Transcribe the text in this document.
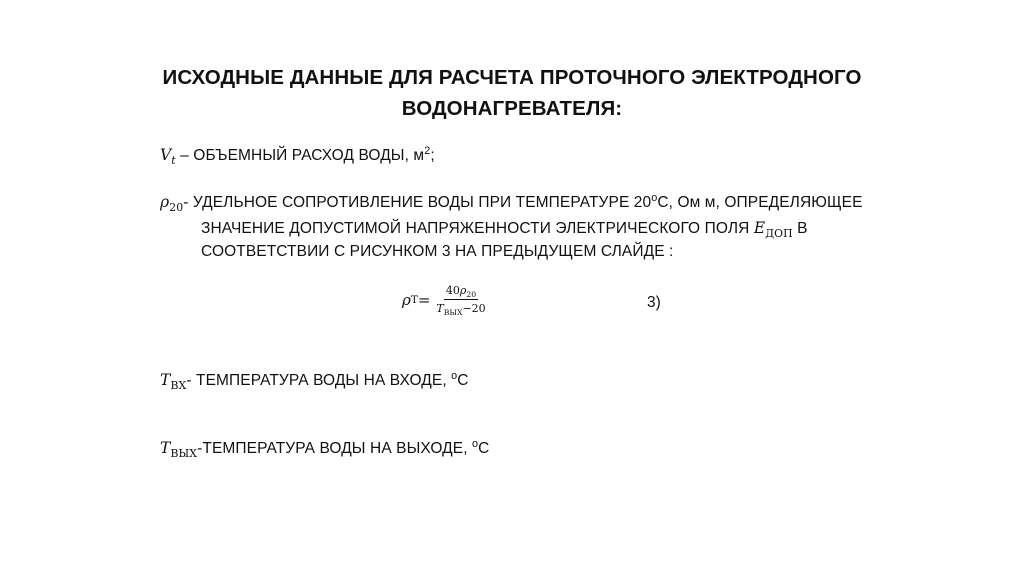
ИСХОДНЫЕ ДАННЫЕ ДЛЯ РАСЧЕТА ПРОТОЧНОГО ЭЛЕКТРОДНОГО
ВОДОНАГРЕВАТЕЛЯ:
$V_t$ – ОБЪЕМНЫЙ РАСХОД ВОДЫ, $м^2$;
$\rho_{20}-$ УДЕЛЬНОЕ СОПРОТИВЛЕНИЕ ВОДЫ ПРИ ТЕМПЕРАТУРЕ $20^оС$, Ом м, ОПРЕДЕЛЯЮЩЕЕ
ЗНАЧЕНИЕ ДОПУСТИМОЙ НАПРЯЖЕННОСТИ ЭЛЕКТРИЧЕСКОГО ПОЛЯ $E_{ДОП}$ В
СООТВЕТСТВИИ С РИСУНКОМ 3 НА ПРЕДЫДУЩЕМ СЛАЙДЕ :
ρ $Т = \frac{40\rho_{20}}{T_{ВЫХ}-20}$	3)
$T_{ВХ}-$ ТЕМПЕРАТУРА ВОДЫ НА ВХОДЕ, $^о$С
$T_{ВЫХ}$-ТЕМПЕРАТУРА ВОДЫ НА ВЫХОДЕ, $^о$С
